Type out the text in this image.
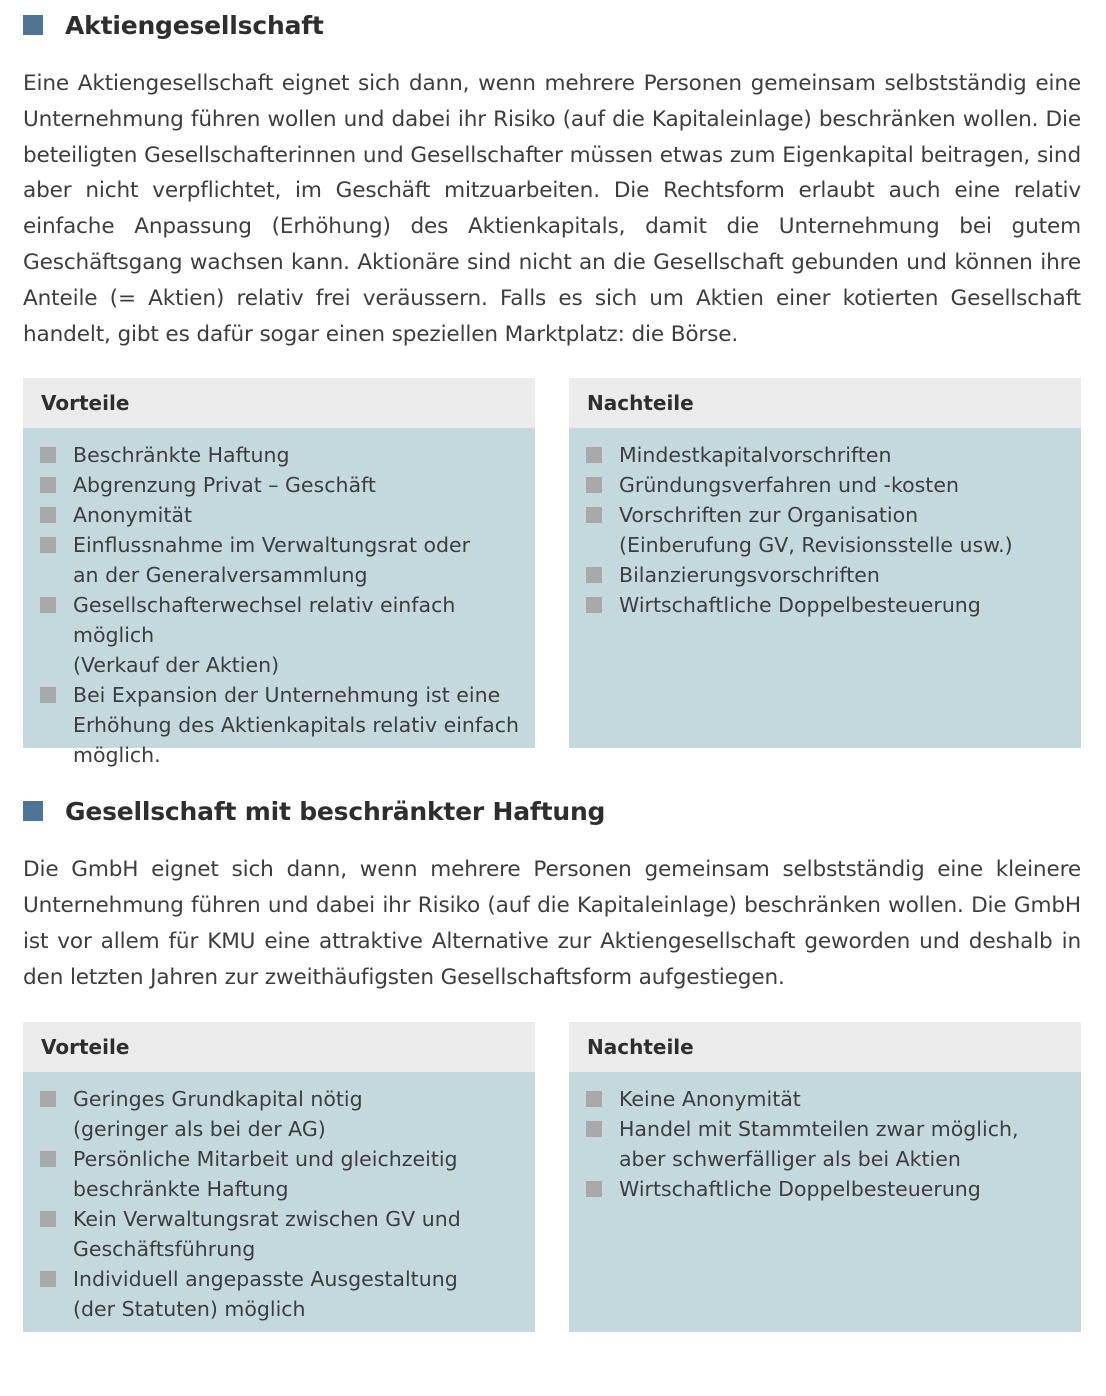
Aktiengesellschaft

Eine Aktiengesellschaft eignet sich dann, wenn mehrere Personen gemeinsam selbstständig eine Unternehmung führen wollen und dabei ihr Risiko (auf die Kapitaleinlage) beschränken wollen. Die beteiligten Gesellschafterinnen und Gesellschafter müssen etwas zum Eigenkapital beitragen, sind aber nicht verpflichtet, im Geschäft mitzuarbeiten. Die Rechtsform erlaubt auch eine relativ einfache Anpassung (Erhöhung) des Aktienkapitals, damit die Unternehmung bei gutem Geschäftsgang wachsen kann. Aktionäre sind nicht an die Gesellschaft gebunden und können ihre Anteile (= Aktien) relativ frei veräussern. Falls es sich um Aktien einer kotierten Gesellschaft handelt, gibt es dafür sogar einen speziellen Marktplatz: die Börse.

Vorteile
Beschränkte Haftung
Abgrenzung Privat – Geschäft
Anonymität
Einflussnahme im Verwaltungsrat oder
an der Generalversammlung
Gesellschafterwechsel relativ einfach möglich
(Verkauf der Aktien)
Bei Expansion der Unternehmung ist eine
Erhöhung des Aktienkapitals relativ einfach
möglich.
Nachteile
Mindestkapitalvorschriften
Gründungsverfahren und -kosten
Vorschriften zur Organisation
(Einberufung GV, Revisionsstelle usw.)
Bilanzierungsvorschriften
Wirtschaftliche Doppelbesteuerung
Gesellschaft mit beschränkter Haftung

Die GmbH eignet sich dann, wenn mehrere Personen gemeinsam selbstständig eine kleinere Unternehmung führen und dabei ihr Risiko (auf die Kapitaleinlage) beschränken wollen. Die GmbH ist vor allem für KMU eine attraktive Alternative zur Aktiengesellschaft geworden und deshalb in den letzten Jahren zur zweithäufigsten Gesellschaftsform aufgestiegen.

Vorteile
Geringes Grundkapital nötig
(geringer als bei der AG)
Persönliche Mitarbeit und gleichzeitig
beschränkte Haftung
Kein Verwaltungsrat zwischen GV und
Geschäftsführung
Individuell angepasste Ausgestaltung
(der Statuten) möglich
Nachteile
Keine Anonymität
Handel mit Stammteilen zwar möglich,
aber schwerfälliger als bei Aktien
Wirtschaftliche Doppelbesteuerung
